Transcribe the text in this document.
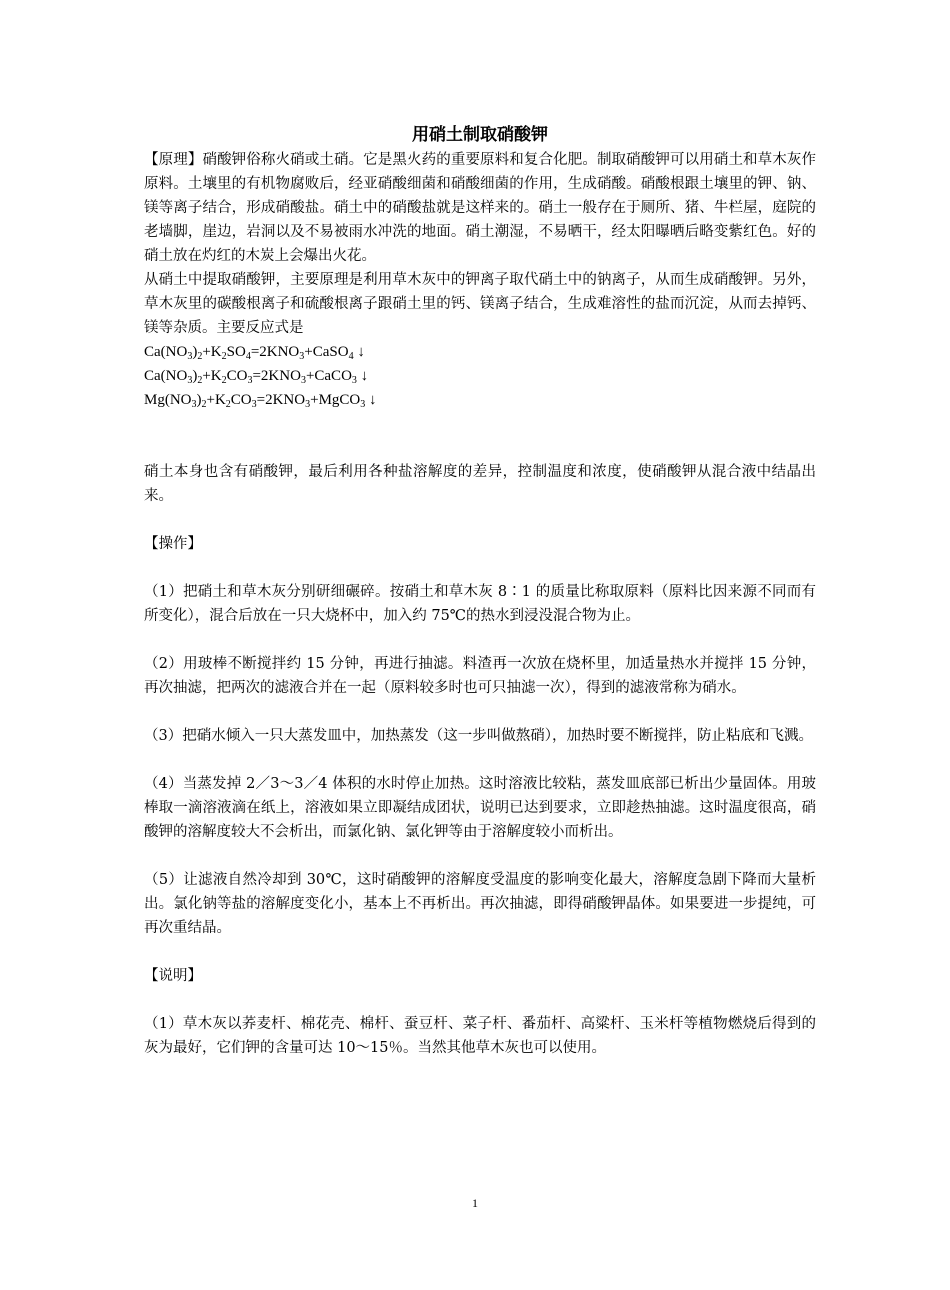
用硝土制取硝酸钾

【原理】硝酸钾俗称火硝或土硝。它是黑火药的重要原料和复合化肥。制取硝酸钾可以用硝土和草木灰作原料。土壤里的有机物腐败后，经亚硝酸细菌和硝酸细菌的作用，生成硝酸。硝酸根跟土壤里的钾、钠、镁等离子结合，形成硝酸盐。硝土中的硝酸盐就是这样来的。硝土一般存在于厕所、猪、牛栏屋，庭院的老墙脚，崖边，岩洞以及不易被雨水冲洗的地面。硝土潮湿，不易晒干，经太阳曝晒后略变紫红色。好的硝土放在灼红的木炭上会爆出火花。

从硝土中提取硝酸钾，主要原理是利用草木灰中的钾离子取代硝土中的钠离子，从而生成硝酸钾。另外，草木灰里的碳酸根离子和硫酸根离子跟硝土里的钙、镁离子结合，生成难溶性的盐而沉淀，从而去掉钙、镁等杂质。主要反应式是

$Ca(NO_3)_2+K_2SO_4=2KNO_3+CaSO_4$ ↓

$Ca(NO_3)_2+K_2CO_3=2KNO_3+CaCO_3$ ↓

$Mg(NO_3)_2+K_2CO_3=2KNO_3+MgCO_3$ ↓

硝土本身也含有硝酸钾，最后利用各种盐溶解度的差异，控制温度和浓度，使硝酸钾从混合液中结晶出来。

【操作】

（1）把硝土和草木灰分别研细碾碎。按硝土和草木灰 8∶1 的质量比称取原料（原料比因来源不同而有所变化），混合后放在一只大烧杯中，加入约 75℃的热水到浸没混合物为止。

（2）用玻棒不断搅拌约 15 分钟，再进行抽滤。料渣再一次放在烧杯里，加适量热水并搅拌 15 分钟，再次抽滤，把两次的滤液合并在一起（原料较多时也可只抽滤一次），得到的滤液常称为硝水。

（3）把硝水倾入一只大蒸发皿中，加热蒸发（这一步叫做熬硝），加热时要不断搅拌，防止粘底和飞溅。

（4）当蒸发掉 2／3～3／4 体积的水时停止加热。这时溶液比较粘，蒸发皿底部已析出少量固体。用玻棒取一滴溶液滴在纸上，溶液如果立即凝结成团状，说明已达到要求，立即趁热抽滤。这时温度很高，硝酸钾的溶解度较大不会析出，而氯化钠、氯化钾等由于溶解度较小而析出。

（5）让滤液自然冷却到 30℃，这时硝酸钾的溶解度受温度的影响变化最大，溶解度急剧下降而大量析出。氯化钠等盐的溶解度变化小，基本上不再析出。再次抽滤，即得硝酸钾晶体。如果要进一步提纯，可再次重结晶。

【说明】

（1）草木灰以荞麦杆、棉花壳、棉杆、蚕豆杆、菜子杆、番茄杆、高粱杆、玉米杆等植物燃烧后得到的灰为最好，它们钾的含量可达 10～15％。当然其他草木灰也可以使用。

1
